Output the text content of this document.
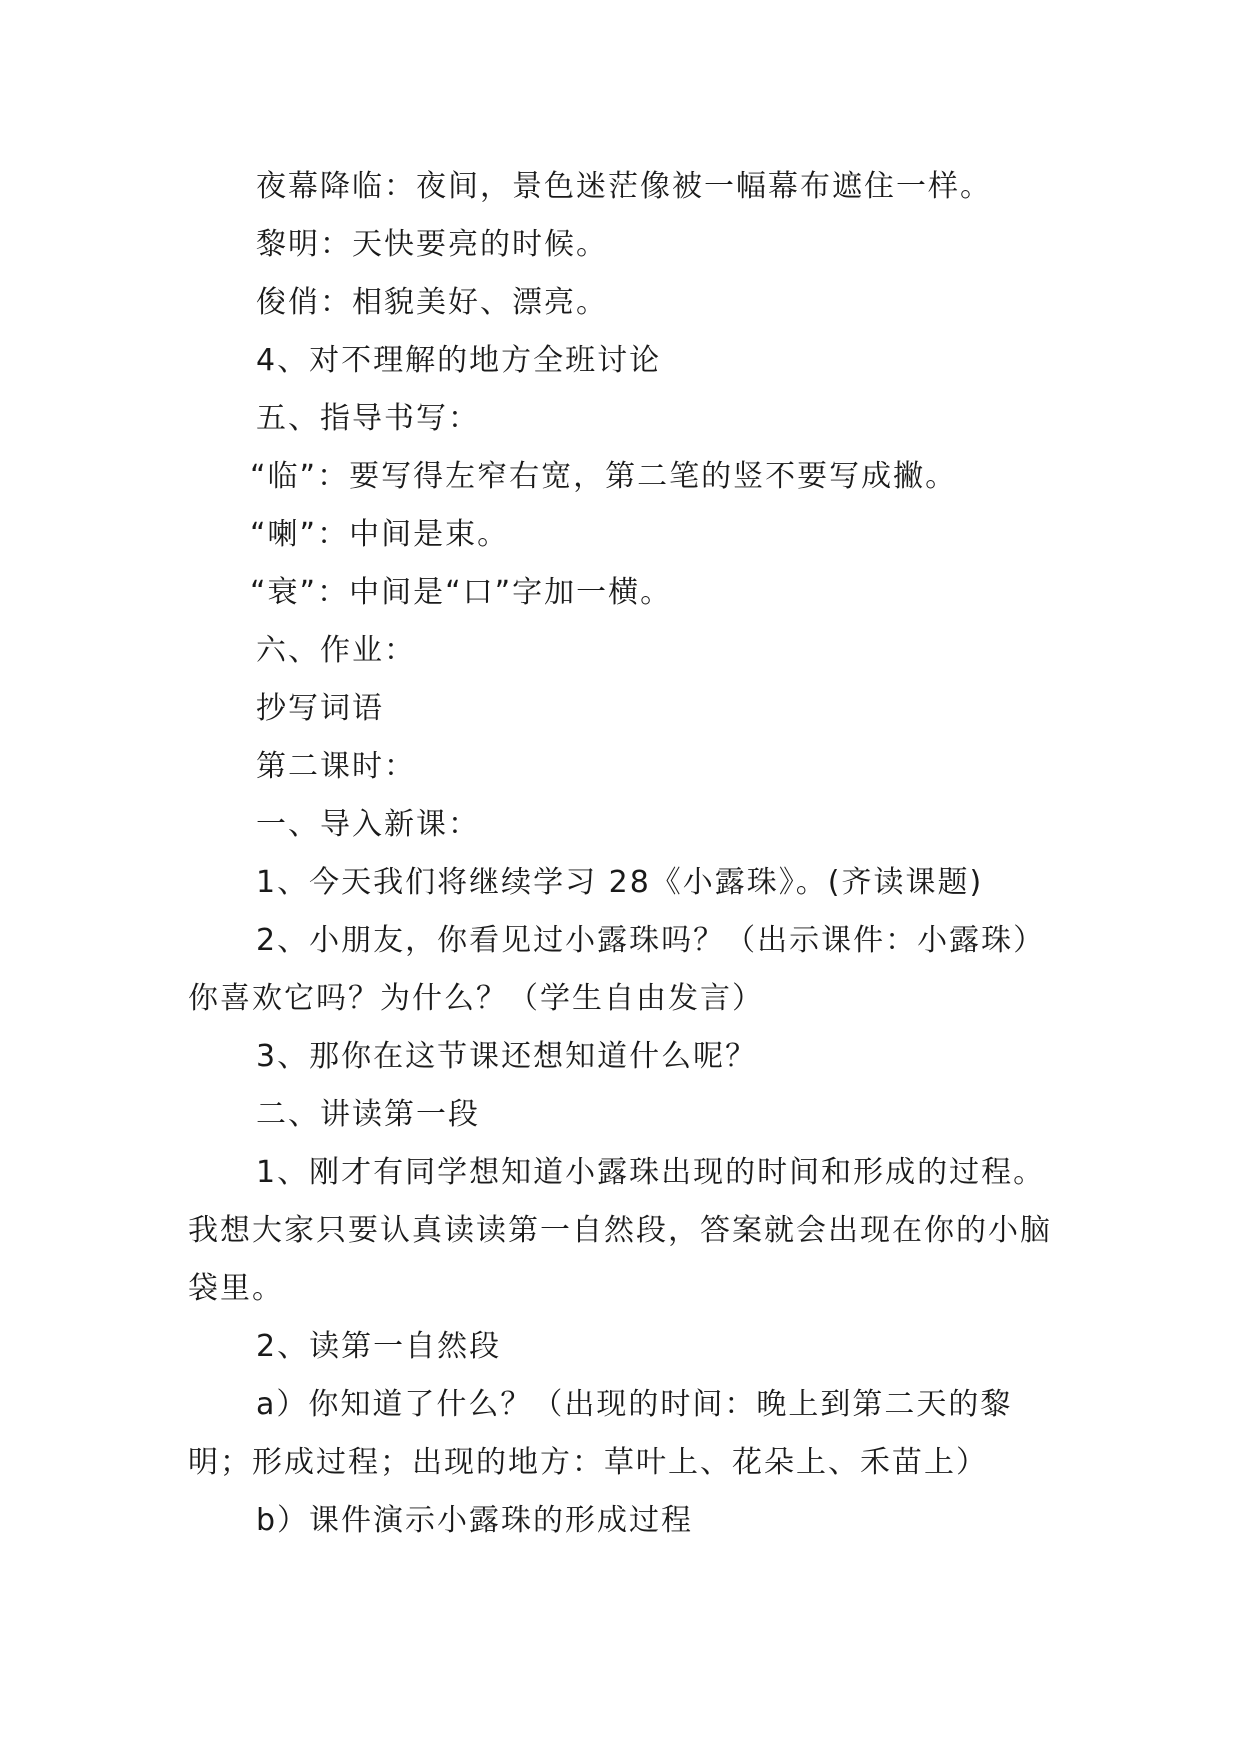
夜幕降临：夜间，景色迷茫像被一幅幕布遮住一样。

黎明：天快要亮的时候。

俊俏：相貌美好、漂亮。

4、对不理解的地方全班讨论

五、指导书写：

“临”：要写得左窄右宽，第二笔的竖不要写成撇。

“喇”：中间是束。

“衰”：中间是“口”字加一横。

六、作业：

抄写词语

第二课时：

一、导入新课：

1、今天我们将继续学习 28《小露珠》。(齐读课题)

2、小朋友，你看见过小露珠吗？（出示课件：小露珠）你喜欢它吗？为什么？（学生自由发言）

3、那你在这节课还想知道什么呢？

二、讲读第一段

1、刚才有同学想知道小露珠出现的时间和形成的过程。我想大家只要认真读读第一自然段，答案就会出现在你的小脑袋里。

2、读第一自然段

a）你知道了什么？（出现的时间：晚上到第二天的黎明；形成过程；出现的地方：草叶上、花朵上、禾苗上）

b）课件演示小露珠的形成过程
